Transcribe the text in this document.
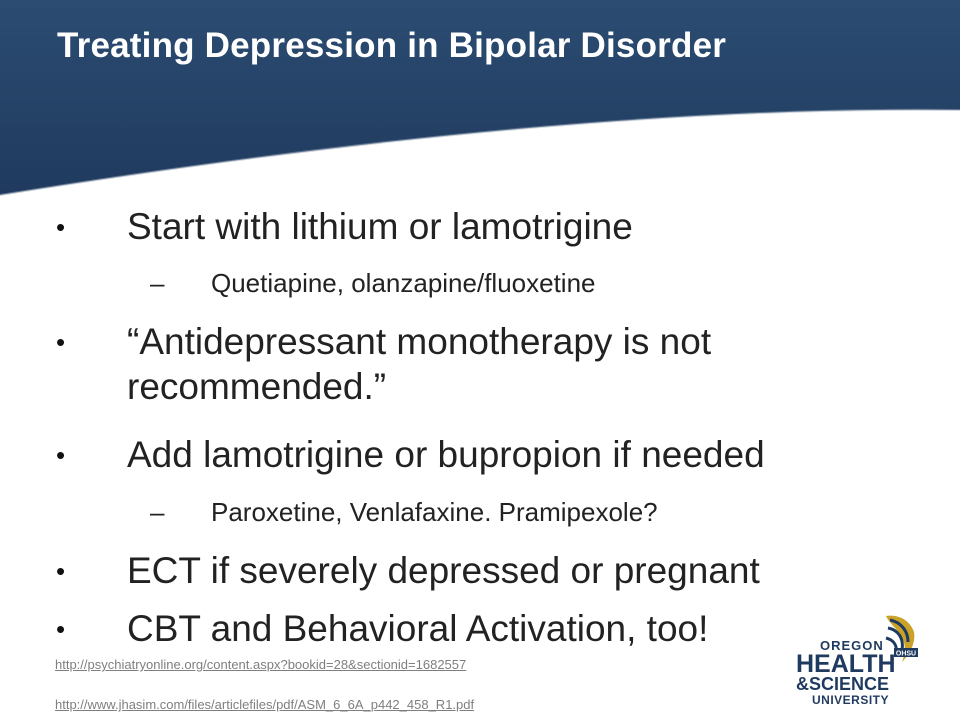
Treating Depression in Bipolar Disorder
• Start with lithium or lamotrigine
– Quetiapine, olanzapine/fluoxetine
• “Antidepressant monotherapy is not
recommended.”
• Add lamotrigine or bupropion if needed
– Paroxetine, Venlafaxine. Pramipexole?
• ECT if severely depressed or pregnant
• CBT and Behavioral Activation, too!
http://psychiatryonline.org/content.aspx?bookid=28&sectionid=1682557
http://www.jhasim.com/files/articlefiles/pdf/ASM_6_6A_p442_458_R1.pdf
OHSU
OREGON
HEALTH
&SCIENCE
UNIVERSITY
